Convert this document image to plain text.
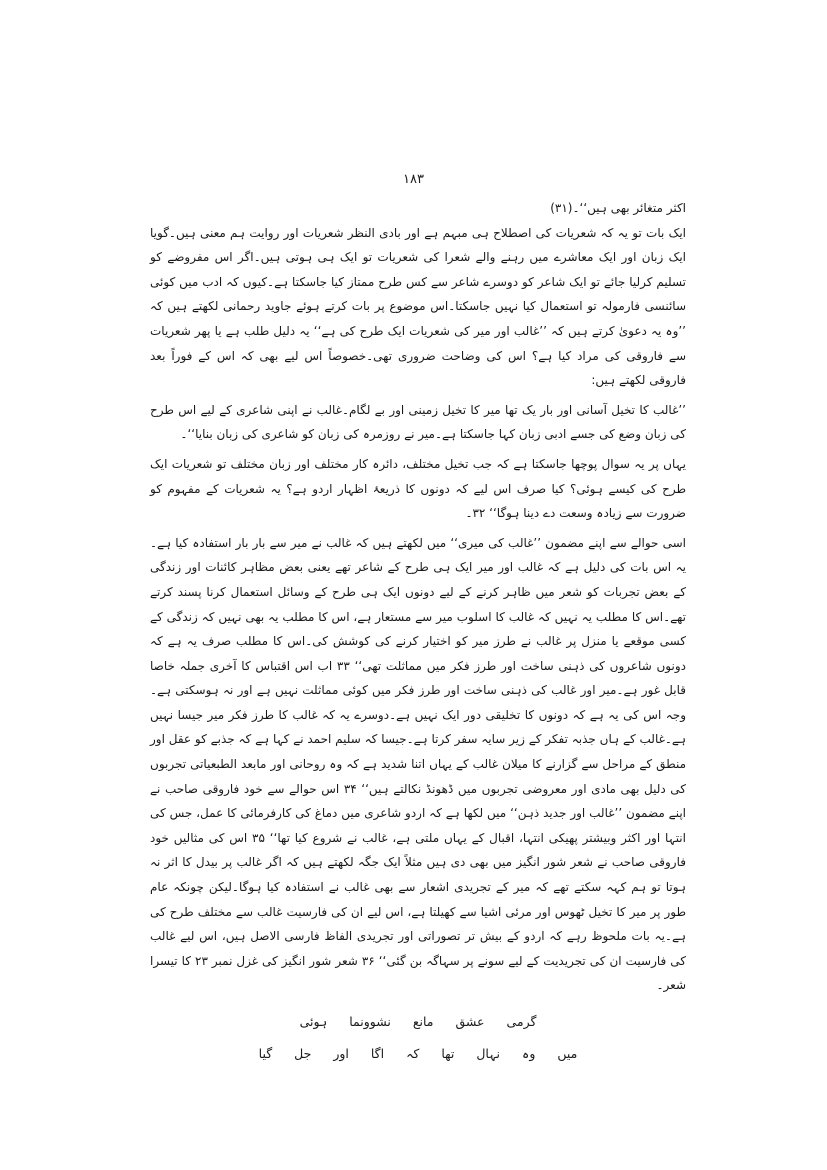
۱۸۳

اکثر متغائر بھی ہیں‘‘۔(۳۱)

ایک بات تو یہ کہ شعریات کی اصطلاح ہی مبہم ہے اور بادی النظر شعریات اور روایت ہم معنی ہیں۔گویا ایک زبان اور ایک معاشرے میں رہنے والے شعرا کی شعریات تو ایک ہی ہوتی ہیں۔اگر اس مفروضے کو تسلیم کرلیا جائے تو ایک شاعر کو دوسرے شاعر سے کس طرح ممتاز کیا جاسکتا ہے۔کیوں کہ ادب میں کوئی سائنسی فارمولہ تو استعمال کیا نہیں جاسکتا۔اس موضوع پر بات کرتے ہوئے جاوید رحمانی لکھتے ہیں کہ ’’وہ یہ دعویٰ کرتے ہیں کہ ’’غالب اور میر کی شعریات ایک طرح کی ہے‘‘ یہ دلیل طلب ہے یا پھر شعریات سے فاروقی کی مراد کیا ہے؟ اس کی وضاحت ضروری تھی۔خصوصاً اس لیے بھی کہ اس کے فوراً بعد فاروقی لکھتے ہیں:

’’غالب کا تخیل آسانی اور بار یک تھا میر کا تخیل زمینی اور بے لگام۔غالب نے اپنی شاعری کے لیے اس طرح کی زبان وضع کی جسے ادبی زبان کہا جاسکتا ہے۔میر نے روزمرہ کی زبان کو شاعری کی زبان بنایا‘‘۔

یہاں پر یہ سوال پوچھا جاسکتا ہے کہ جب تخیل مختلف، دائرہ کار مختلف اور زبان مختلف تو شعریات ایک طرح کی کیسے ہوئی؟ کیا صرف اس لیے کہ دونوں کا ذریعۂ اظہار اردو ہے؟ یہ شعریات کے مفہوم کو ضرورت سے زیادہ وسعت دے دینا ہوگا‘‘ ۳۲۔

اسی حوالے سے اپنے مضمون ’’غالب کی میری‘‘ میں لکھتے ہیں کہ غالب نے میر سے بار بار استفادہ کیا ہے۔یہ اس بات کی دلیل ہے کہ غالب اور میر ایک ہی طرح کے شاعر تھے یعنی بعض مظاہر کائنات اور زندگی کے بعض تجربات کو شعر میں ظاہر کرنے کے لیے دونوں ایک ہی طرح کے وسائل استعمال کرنا پسند کرتے تھے۔اس کا مطلب یہ نہیں کہ غالب کا اسلوب میر سے مستعار ہے، اس کا مطلب یہ بھی نہیں کہ زندگی کے کسی موقعے یا منزل پر غالب نے طرز میر کو اختیار کرنے کی کوشش کی۔اس کا مطلب صرف یہ ہے کہ دونوں شاعروں کی ذہنی ساخت اور طرز فکر میں مماثلت تھی‘‘ ۳۳ اب اس اقتباس کا آخری جملہ خاصا قابل غور ہے۔میر اور غالب کی ذہنی ساخت اور طرز فکر میں کوئی مماثلت نہیں ہے اور نہ ہوسکتی ہے۔وجہ اس کی یہ ہے کہ دونوں کا تخلیقی دور ایک نہیں ہے۔دوسرے یہ کہ غالب کا طرز فکر میر جیسا نہیں ہے۔غالب کے ہاں جذبہ تفکر کے زیر سایہ سفر کرتا ہے۔جیسا کہ سلیم احمد نے کہا ہے کہ جذبے کو عقل اور منطق کے مراحل سے گزارنے کا میلان غالب کے یہاں اتنا شدید ہے کہ وہ روحانی اور مابعد الطبعیاتی تجربوں کی دلیل بھی مادی اور معروضی تجربوں میں ڈھونڈ نکالتے ہیں‘‘ ۳۴ اس حوالے سے خود فاروقی صاحب نے اپنے مضمون ’’غالب اور جدید ذہن‘‘ میں لکھا ہے کہ اردو شاعری میں دماغ کی کارفرمائی کا عمل، جس کی انتہا اور اکثر وبیشتر پھیکی انتہا، اقبال کے یہاں ملتی ہے، غالب نے شروع کیا تھا‘‘ ۳۵ اس کی مثالیں خود فاروقی صاحب نے شعر شور انگیز میں بھی دی ہیں مثلاً ایک جگہ لکھتے ہیں کہ اگر غالب پر بیدل کا اثر نہ ہوتا تو ہم کہہ سکتے تھے کہ میر کے تجریدی اشعار سے بھی غالب نے استفادہ کیا ہوگا۔لیکن چونکہ عام طور پر میر کا تخیل ٹھوس اور مرئی اشیا سے کھیلتا ہے، اس لیے ان کی فارسیت غالب سے مختلف طرح کی ہے۔یہ بات ملحوظ رہے کہ اردو کے بیش تر تصوراتی اور تجریدی الفاظ فارسی الاصل ہیں، اس لیے غالب کی فارسیت ان کی تجریدیت کے لیے سونے پر سہاگہ بن گئی‘‘ ۳۶ شعر شور انگیز کی غزل نمبر ۲۳ کا تیسرا شعر۔

گرمی عشق مانع نشوونما ہوئی
میں وہ نہال تھا کہ اگا اور جل گیا
